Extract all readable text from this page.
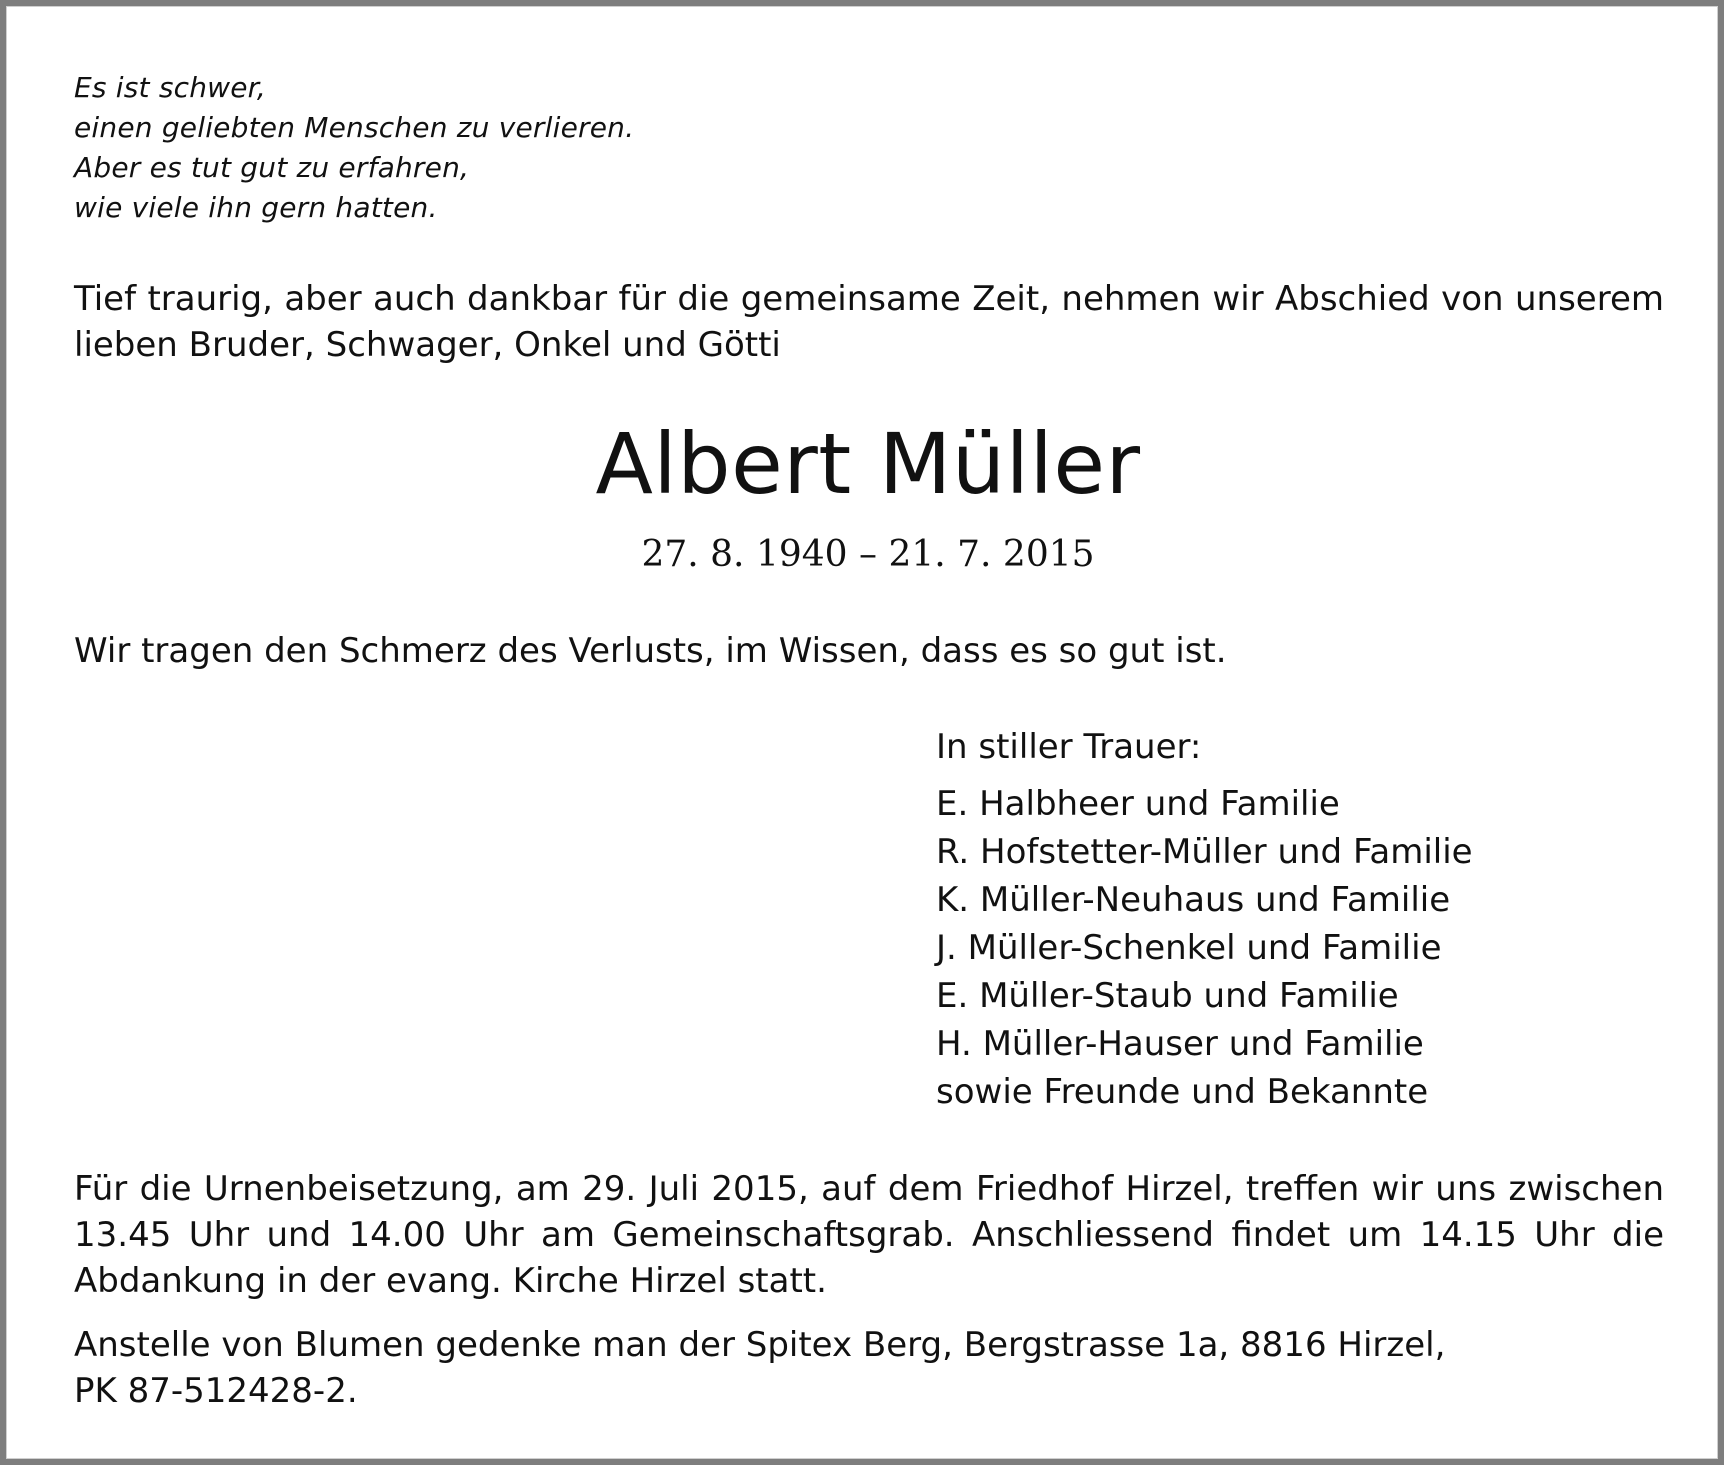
Es ist schwer,
einen geliebten Menschen zu verlieren.
Aber es tut gut zu erfahren,
wie viele ihn gern hatten.
Tief traurig, aber auch dankbar für die gemeinsame Zeit, nehmen wir Abschied von unserem lieben Bruder, Schwager, Onkel und Götti
Albert Müller
27. 8. 1940 – 21. 7. 2015
Wir tragen den Schmerz des Verlusts, im Wissen, dass es so gut ist.
In stiller Trauer:
E. Halbheer und Familie
R. Hofstetter-Müller und Familie
K. Müller-Neuhaus und Familie
J. Müller-Schenkel und Familie
E. Müller-Staub und Familie
H. Müller-Hauser und Familie
sowie Freunde und Bekannte
Für die Urnenbeisetzung, am 29. Juli 2015, auf dem Friedhof Hirzel, treffen wir uns zwischen 13.45 Uhr und 14.00 Uhr am Gemeinschaftsgrab. Anschliessend findet um 14.15 Uhr die Abdankung in der evang. Kirche Hirzel statt.
Anstelle von Blumen gedenke man der Spitex Berg, Bergstrasse 1a, 8816 Hirzel,
PK 87-512428-2.
